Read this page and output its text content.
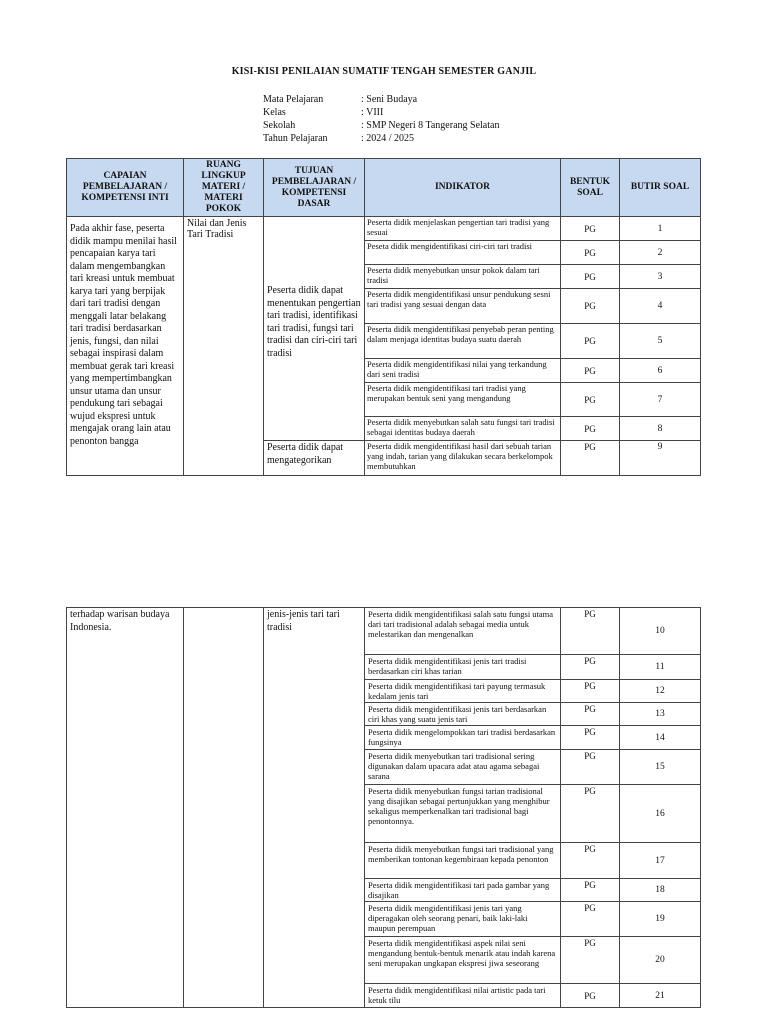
KISI-KISI PENILAIAN SUMATIF TENGAH SEMESTER GANJIL
Mata Pelajaran	: Seni Budaya
Kelas	: VIII
Sekolah	: SMP Negeri 8 Tangerang Selatan
Tahun Pelajaran	: 2024 / 2025
CAPAIAN PEMBELAJARAN / KOMPETENSI INTI	RUANG LINGKUP MATERI / MATERI POKOK	TUJUAN PEMBELAJARAN / KOMPETENSI DASAR	INDIKATOR	BENTUK SOAL	BUTIR SOAL
Pada akhir fase, peserta didik mampu menilai hasil pencapaian karya tari dalam mengembangkan tari kreasi untuk membuat karya tari yang berpijak dari tari tradisi dengan menggali latar belakang tari tradisi berdasarkan jenis, fungsi, dan nilai sebagai inspirasi dalam membuat gerak tari kreasi yang mempertimbangkan unsur utama dan unsur pendukung tari sebagai wujud ekspresi untuk mengajak orang lain atau penonton bangga	Nilai dan Jenis Tari Tradisi	Peserta didik dapat menentukan pengertian tari tradisi, identifikasi tari tradisi, fungsi tari tradisi dan ciri-ciri tari tradisi	Peserta didik menjelaskan pengertian tari tradisi yang sesuai	PG	1
			Peseta didik mengidentifikasi ciri-ciri tari tradisi	PG	2
			Peserta didik menyebutkan unsur pokok dalam tari tradisi	PG	3
			Peserta didik mengidentifikasi unsur pendukung sesni tari tradisi yang sesuai dengan data	PG	4
			Peserta didik mengidentifikasi penyebab peran penting dalam menjaga identitas budaya suatu daerah	PG	5
			Peserta didik mengidentifikasi nilai yang terkandung dari seni tradisi	PG	6
			Peserta didik mengidentifikasi tari tradisi yang merupakan bentuk seni yang mengandung	PG	7
			Peserta didik menyebutkan salah satu fungsi tari tradisi sebagai identitas budaya daerah	PG	8
		Peserta didik dapat mengategorikan	Peserta didik mengidentifikasi hasil dari sebuah tarian yang indah, tarian yang dilakukan secara berkelompok membutuhkan	PG	9
terhadap warisan budaya Indonesia.		jenis-jenis tari tari tradisi	Peserta didik mengidentifikasi salah satu fungsi utama dari tari tradisional adalah sebagai media untuk melestarikan dan mengenalkan	PG	10
			Peserta didik mengidentifikasi jenis tari tradisi berdasarkan ciri khas tarian	PG	11
			Peserta didik mengidentifikasi tari payung termasuk kedalam jenis tari	PG	12
			Peserta didik mengidentifikasi jenis tari berdasarkan ciri khas yang suatu jenis tari	PG	13
			Peserta didik mengelompokkan tari tradisi berdasarkan fungsinya	PG	14
			Peserta didik menyebutkan tari tradisional sering digunakan dalam upacara adat atau agama sebagai sarana	PG	15
			Peserta didik menyebutkan fungsi tarian tradisional yang disajikan sebagai pertunjukkan yang menghibur sekaligus memperkenalkan tari tradisional bagi penontonnya.	PG	16
			Peserta didik menyebutkan fungsi tari tradisional yang memberikan tontonan kegembiraan kepada penonton	PG	17
			Peserta didik mengidentifikasi tari pada gambar yang disajikan	PG	18
			Peserta didik mengidentifikasi jenis tari yang diperagakan oleh seorang penari, baik laki-laki maupun perempuan	PG	19
			Peserta didik mengidentifikasi aspek nilai seni mengandung bentuk-bentuk menarik atau indah karena seni merupakan ungkapan ekspresi jiwa seseorang	PG	20
			Peserta didik mengidentifikasi nilai artistic pada tari ketuk tilu	PG	21
